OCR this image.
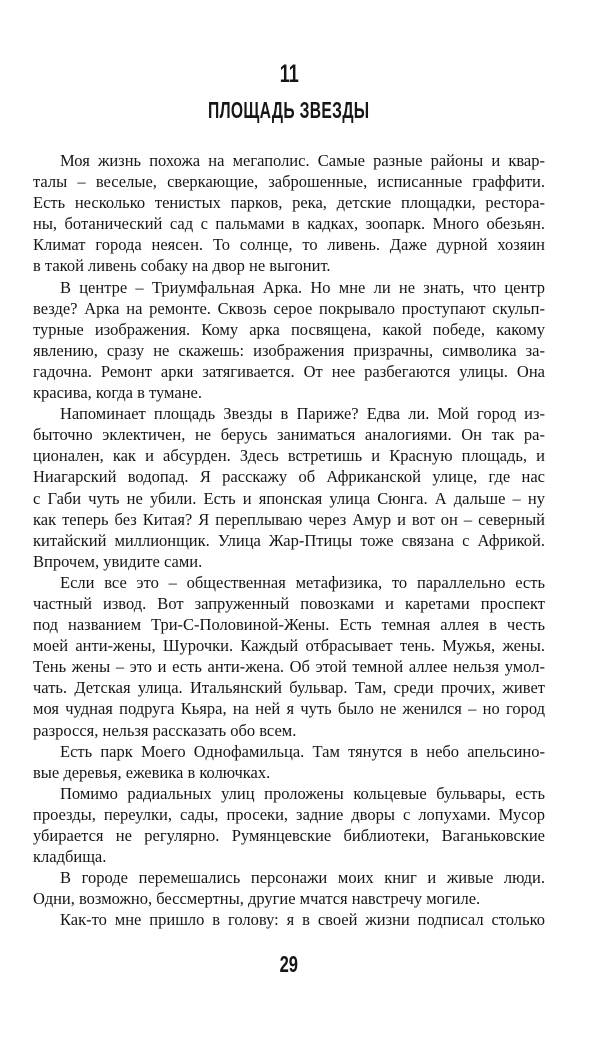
11
ПЛОЩАДЬ ЗВЕЗДЫ
Моя жизнь похожа на мегаполис. Самые разные районы и квар-
талы – веселые, сверкающие, заброшенные, исписанные граффити.
Есть несколько тенистых парков, река, детские площадки, рестора-
ны, ботанический сад с пальмами в кадках, зоопарк. Много обезьян.
Климат города неясен. То солнце, то ливень. Даже дурной хозяин
в такой ливень собаку на двор не выгонит.
В центре – Триумфальная Арка. Но мне ли не знать, что центр
везде? Арка на ремонте. Сквозь серое покрывало проступают скульп-
турные изображения. Кому арка посвящена, какой победе, какому
явлению, сразу не скажешь: изображения призрачны, символика за-
гадочна. Ремонт арки затягивается. От нее разбегаются улицы. Она
красива, когда в тумане.
Напоминает площадь Звезды в Париже? Едва ли. Мой город из-
быточно эклектичен, не берусь заниматься аналогиями. Он так ра-
ционален, как и абсурден. Здесь встретишь и Красную площадь, и
Ниагарский водопад. Я расскажу об Африканской улице, где нас
с Габи чуть не убили. Есть и японская улица Сюнга. А дальше – ну
как теперь без Китая? Я переплываю через Амур и вот он – северный
китайский миллионщик. Улица Жар-Птицы тоже связана с Африкой.
Впрочем, увидите сами.
Если все это – общественная метафизика, то параллельно есть
частный извод. Вот запруженный повозками и каретами проспект
под названием Три-С-Половиной-Жены. Есть темная аллея в честь
моей анти-жены, Шурочки. Каждый отбрасывает тень. Мужья, жены.
Тень жены – это и есть анти-жена. Об этой темной аллее нельзя умол-
чать. Детская улица. Итальянский бульвар. Там, среди прочих, живет
моя чудная подруга Кьяра, на ней я чуть было не женился – но город
разросся, нельзя рассказать обо всем.
Есть парк Моего Однофамильца. Там тянутся в небо апельсино-
вые деревья, ежевика в колючках.
Помимо радиальных улиц проложены кольцевые бульвары, есть
проезды, переулки, сады, просеки, задние дворы с лопухами. Мусор
убирается не регулярно. Румянцевские библиотеки, Ваганьковские
кладбища.
В городе перемешались персонажи моих книг и живые люди.
Одни, возможно, бессмертны, другие мчатся навстречу могиле.
Как-то мне пришло в голову: я в своей жизни подписал столько
29
